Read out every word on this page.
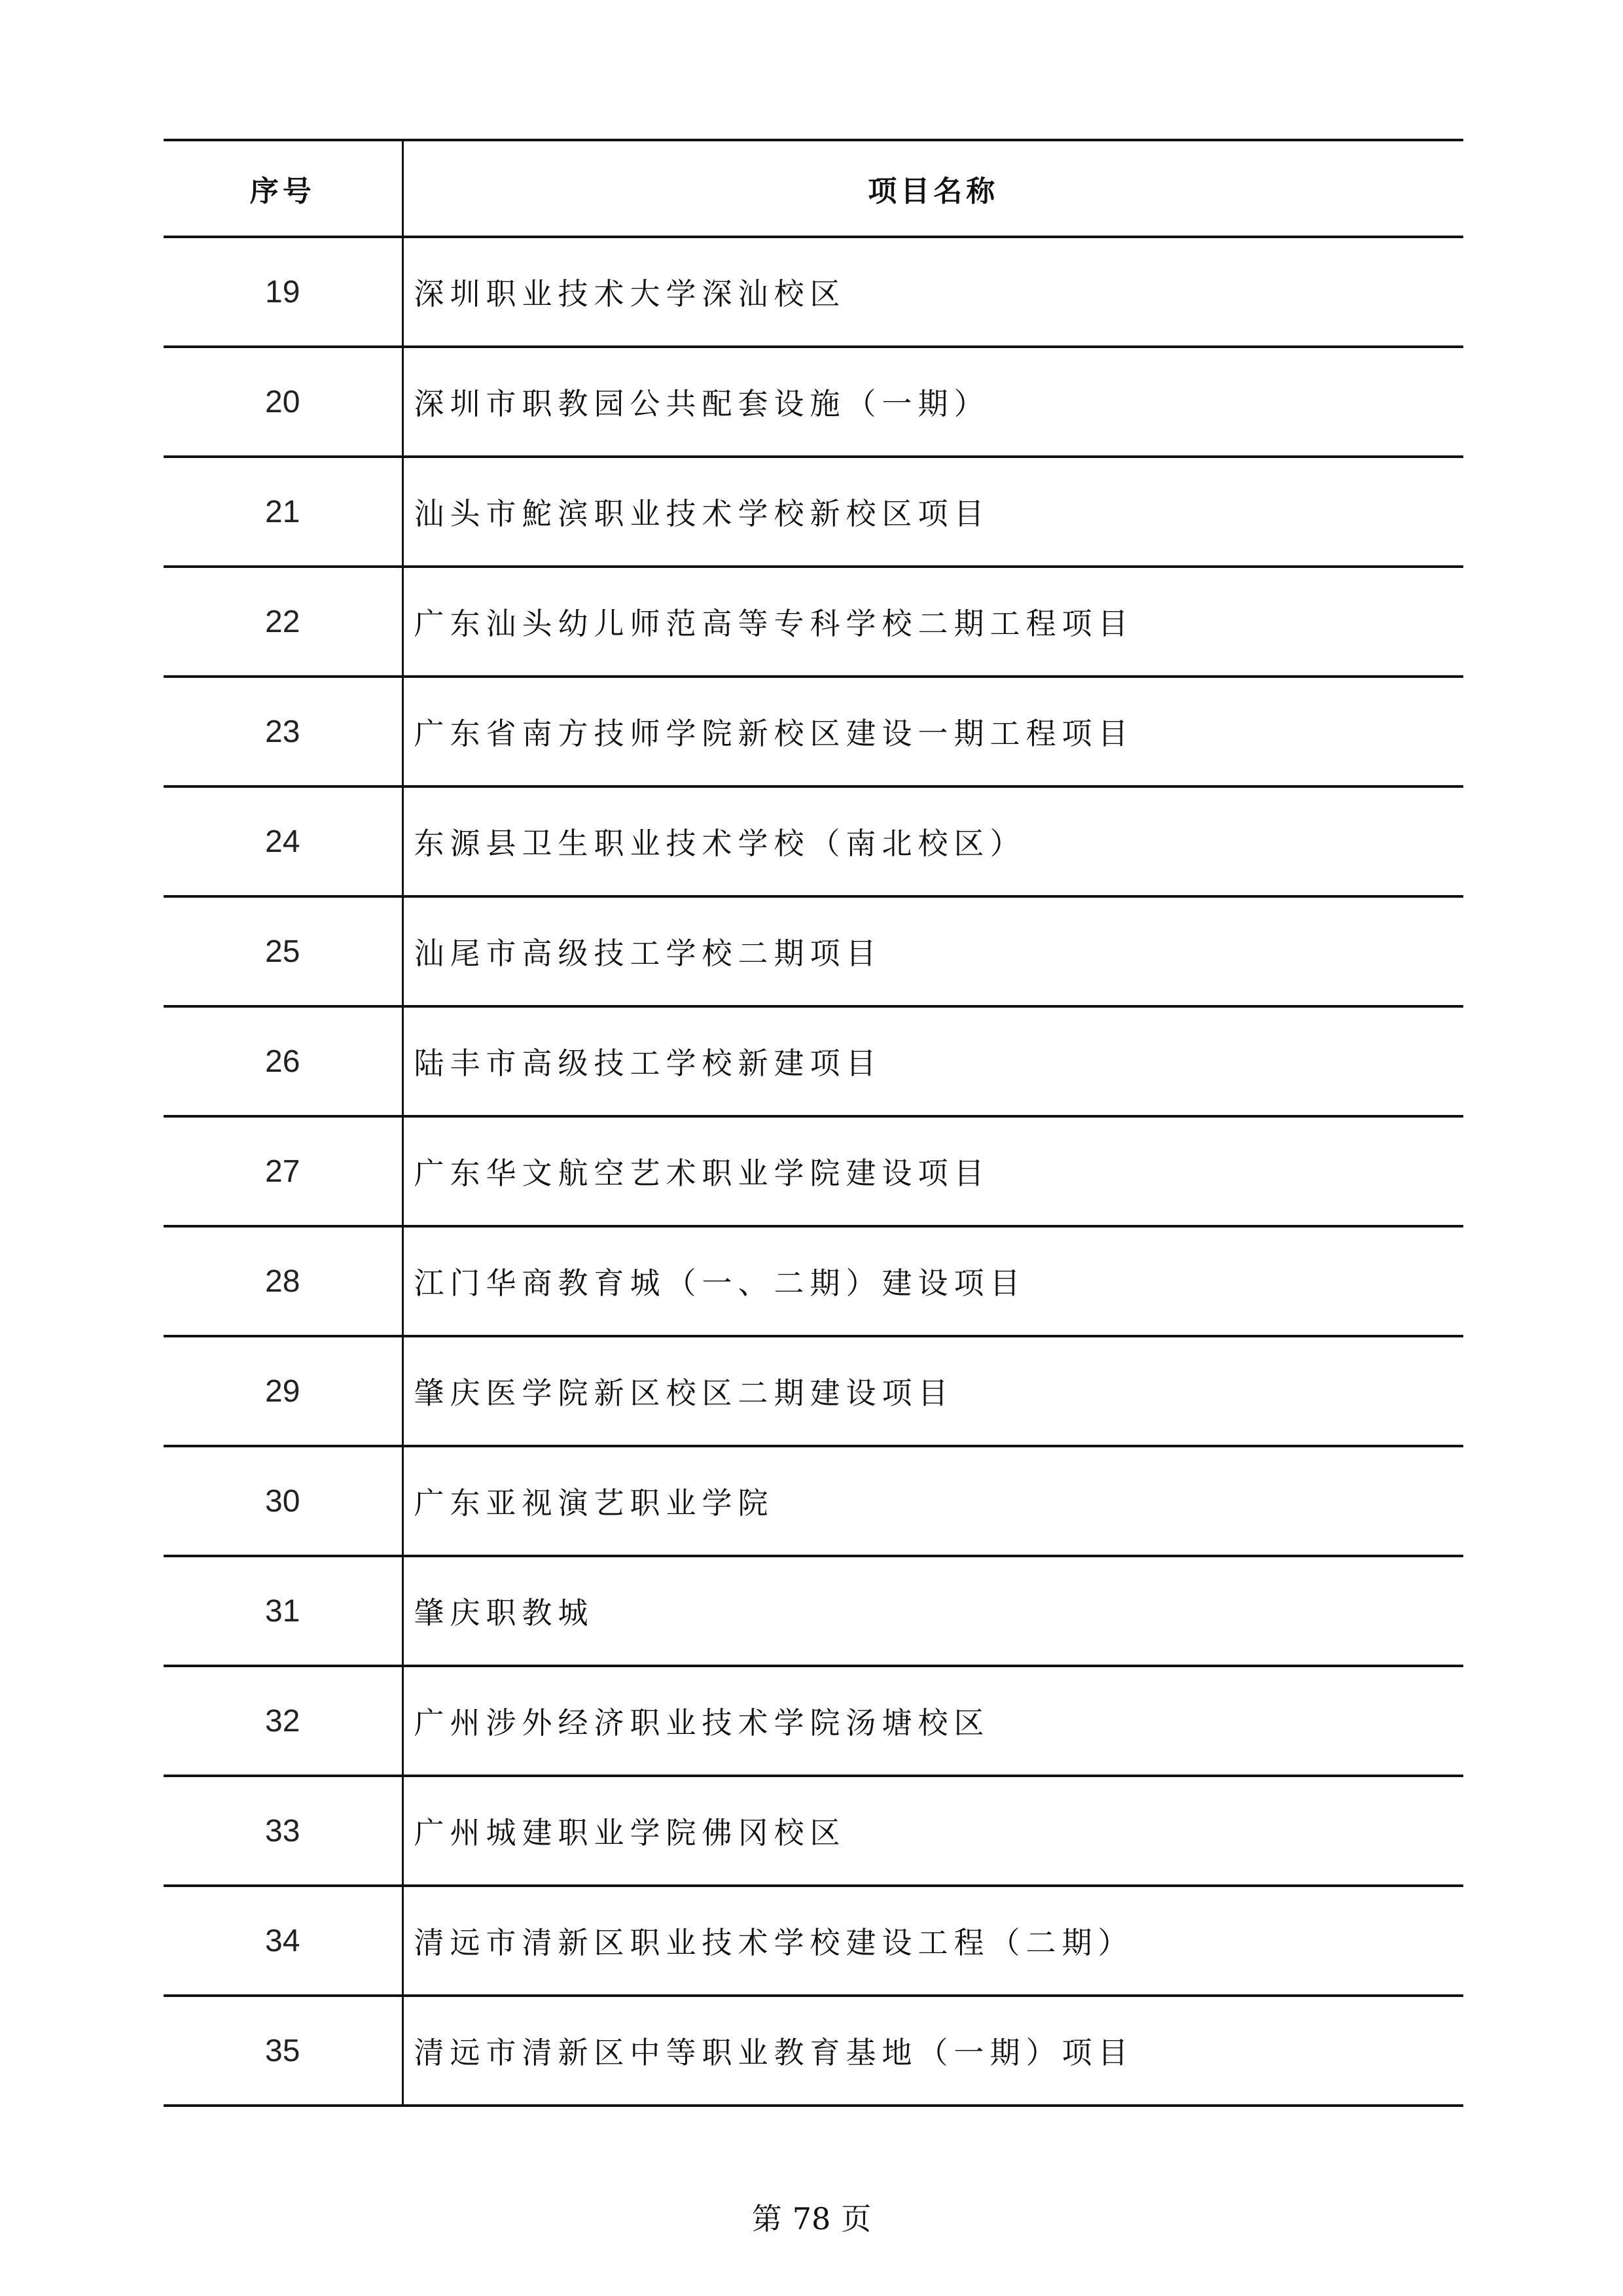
序号	项目名称
19	深圳职业技术大学深汕校区
20	深圳市职教园公共配套设施（一期）
21	汕头市鮀滨职业技术学校新校区项目
22	广东汕头幼儿师范高等专科学校二期工程项目
23	广东省南方技师学院新校区建设一期工程项目
24	东源县卫生职业技术学校（南北校区）
25	汕尾市高级技工学校二期项目
26	陆丰市高级技工学校新建项目
27	广东华文航空艺术职业学院建设项目
28	江门华商教育城（一、二期）建设项目
29	肇庆医学院新区校区二期建设项目
30	广东亚视演艺职业学院
31	肇庆职教城
32	广州涉外经济职业技术学院汤塘校区
33	广州城建职业学院佛冈校区
34	清远市清新区职业技术学校建设工程（二期）
35	清远市清新区中等职业教育基地（一期）项目
第 78 页
